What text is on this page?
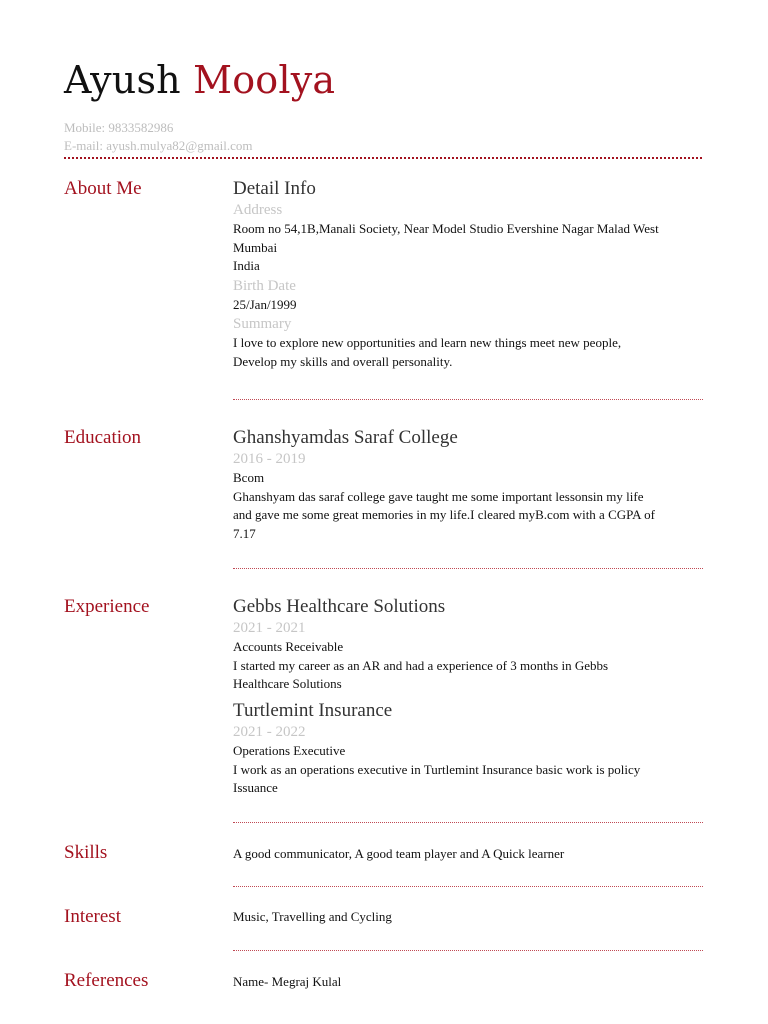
Ayush Moolya
Mobile: 9833582986
E-mail: ayush.mulya82@gmail.com
About Me	Detail Info

Address

Room no 54,1B,Manali Society, Near Model Studio Evershine Nagar Malad West

Mumbai

India

Birth Date

25/Jan/1999

Summary

I love to explore new opportunities and learn new things meet new people,

Develop my skills and overall personality.

Education	Ghanshyamdas Saraf College

2016 - 2019

Bcom

Ghanshyam das saraf college gave taught me some important lessonsin my life

and gave me some great memories in my life.I cleared myB.com with a CGPA of

7.17

Experience	Gebbs Healthcare Solutions

2021 - 2021

Accounts Receivable

I started my career as an AR and had a experience of 3 months in Gebbs

Healthcare Solutions

Turtlemint Insurance

2021 - 2022

Operations Executive

I work as an operations executive in Turtlemint Insurance basic work is policy

Issuance

Skills	A good communicator, A good team player and A Quick learner

Interest	Music, Travelling and Cycling

References	Name- Megraj Kulal
